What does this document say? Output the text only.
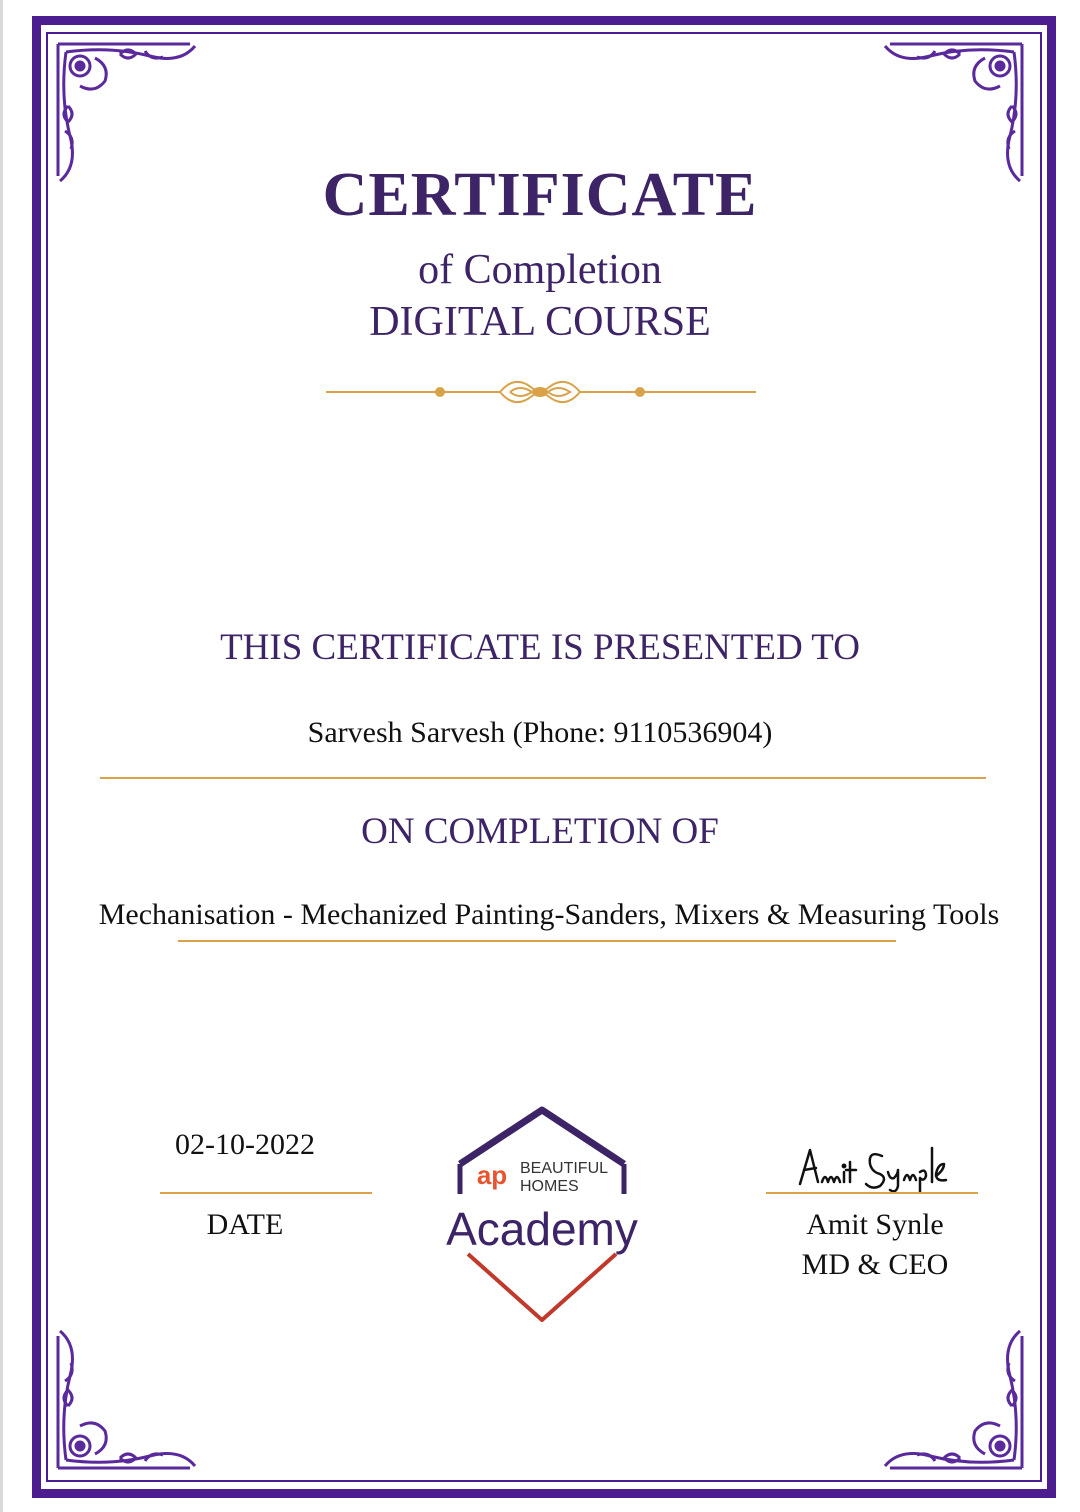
CERTIFICATE
of Completion
DIGITAL COURSE
THIS CERTIFICATE IS PRESENTED TO
Sarvesh Sarvesh (Phone: 9110536904)
ON COMPLETION OF
Mechanisation - Mechanized Painting-Sanders, Mixers & Measuring Tools
02-10-2022
DATE
ap BEAUTIFUL
HOMES
Academy	Amit Synle
MD & CEO
